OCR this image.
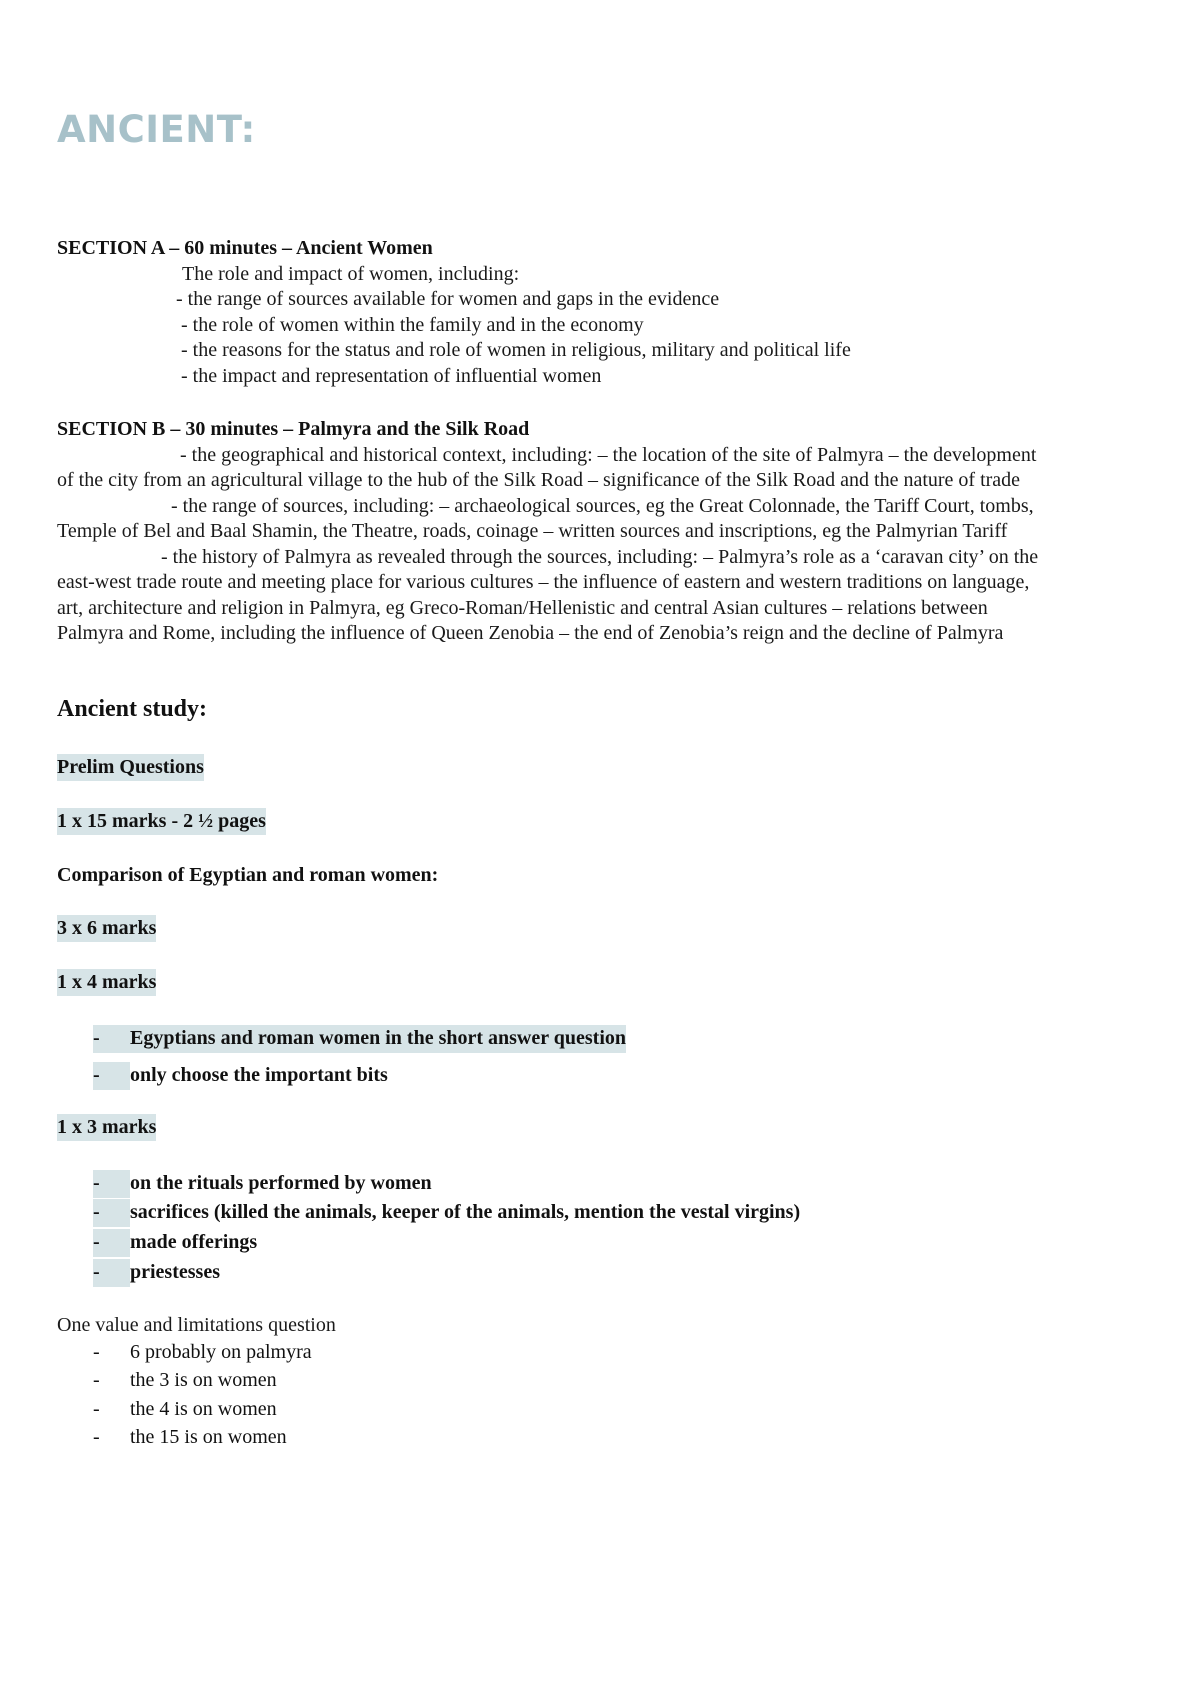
ANCIENT:
SECTION A – 60 minutes – Ancient Women
The role and impact of women, including:
- the range of sources available for women and gaps in the evidence
- the role of women within the family and in the economy
- the reasons for the status and role of women in religious, military and political life
- the impact and representation of influential women
SECTION B – 30 minutes – Palmyra and the Silk Road
- the geographical and historical context, including: – the location of the site of Palmyra – the development
of the city from an agricultural village to the hub of the Silk Road – significance of the Silk Road and the nature of trade
- the range of sources, including: – archaeological sources, eg the Great Colonnade, the Tariff Court, tombs,
Temple of Bel and Baal Shamin, the Theatre, roads, coinage – written sources and inscriptions, eg the Palmyrian Tariff
- the history of Palmyra as revealed through the sources, including: – Palmyra’s role as a ‘caravan city’ on the
east-west trade route and meeting place for various cultures – the influence of eastern and western traditions on language,
art, architecture and religion in Palmyra, eg Greco-Roman/Hellenistic and central Asian cultures – relations between
Palmyra and Rome, including the influence of Queen Zenobia – the end of Zenobia’s reign and the decline of Palmyra
Ancient study:
Prelim Questions
1 x 15 marks - 2 ½ pages
Comparison of Egyptian and roman women:
3 x 6 marks
1 x 4 marks
- Egyptians and roman women in the short answer question
- only choose the important bits
1 x 3 marks
- on the rituals performed by women
- sacrifices (killed the animals, keeper of the animals, mention the vestal virgins)
- made offerings
- priestesses
One value and limitations question
- 6 probably on palmyra
- the 3 is on women
- the 4 is on women
- the 15 is on women
